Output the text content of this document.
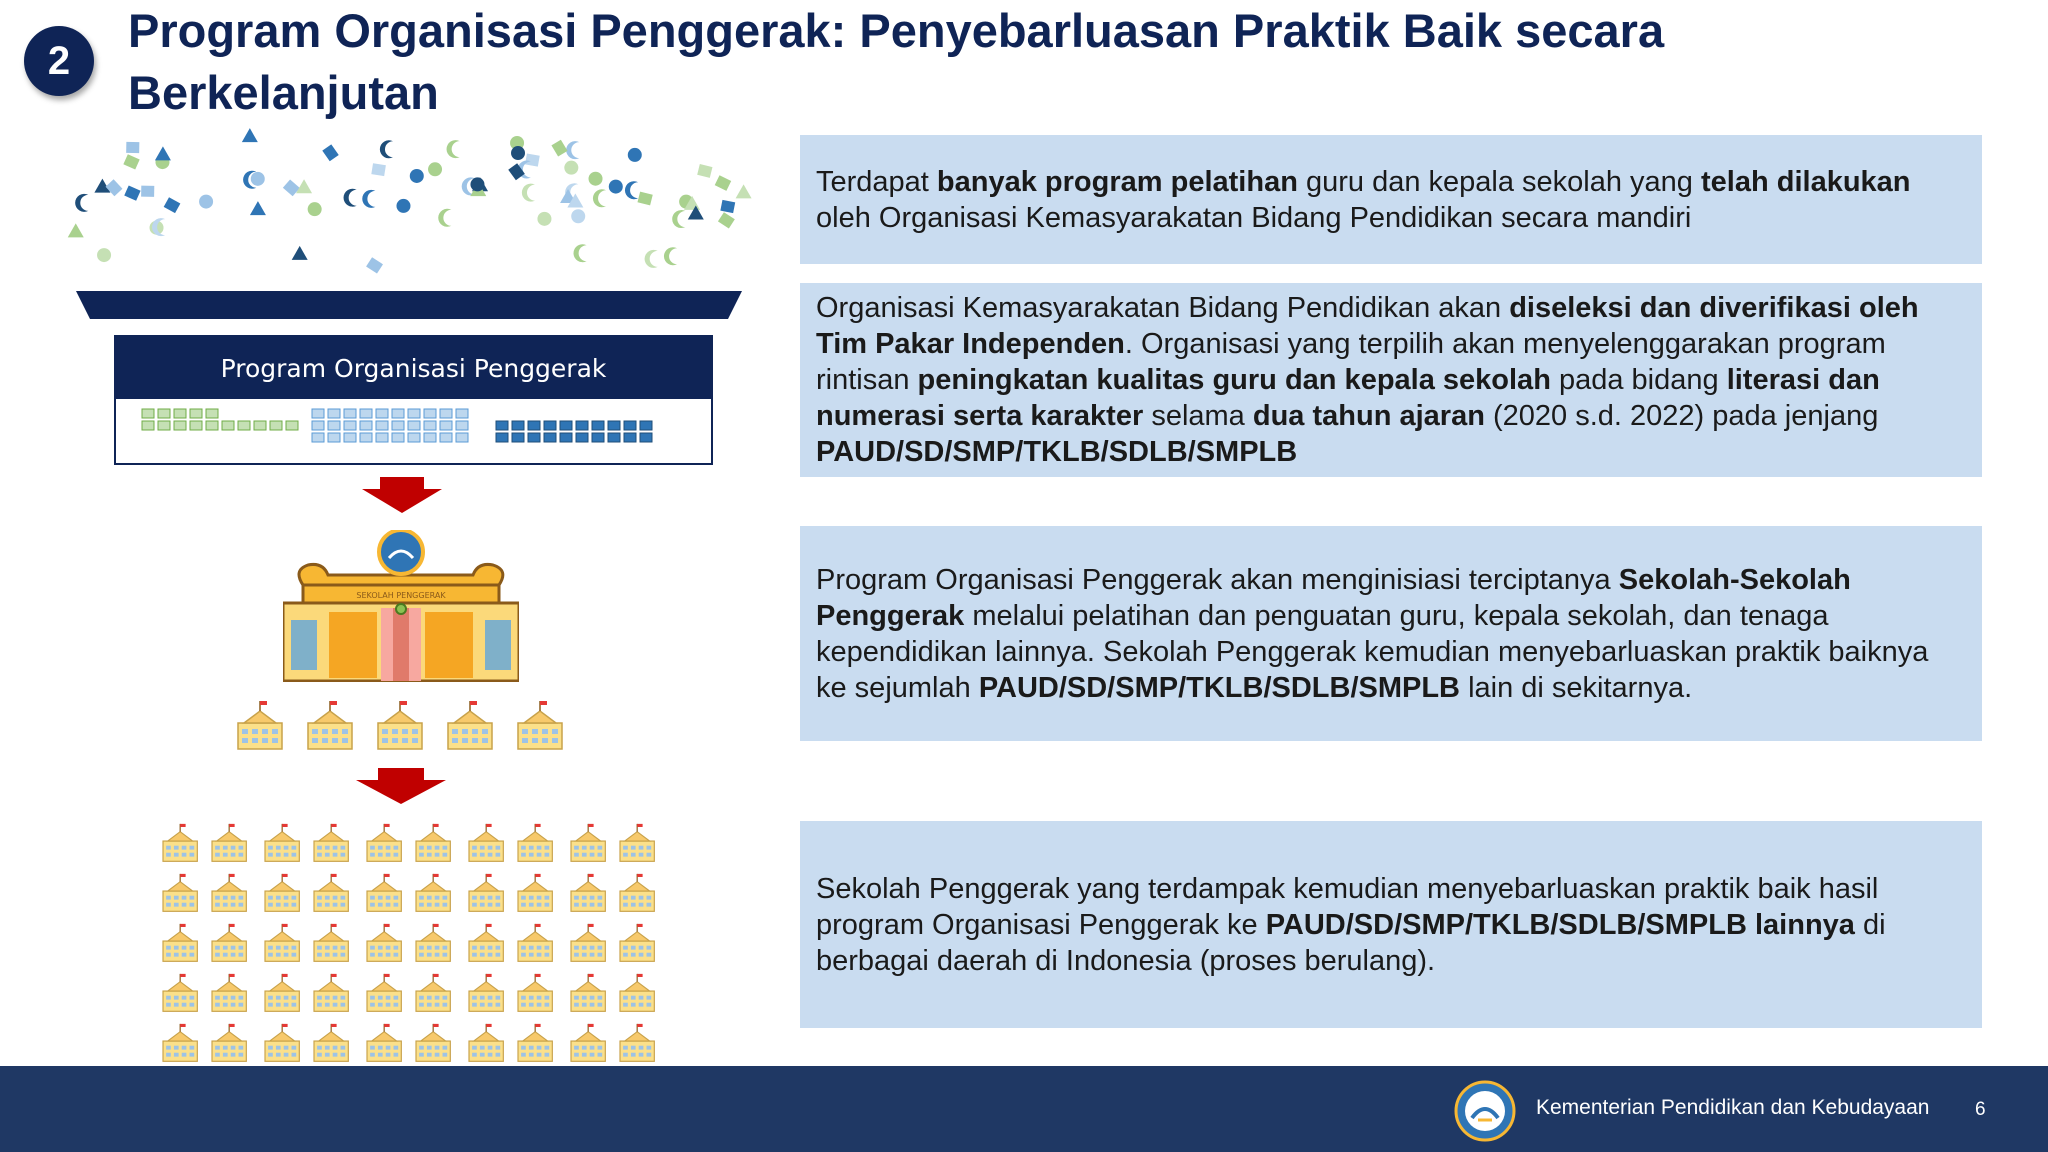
2
Program Organisasi Penggerak: Penyebarluasan Praktik Baik secara Berkelanjutan
Program Organisasi Penggerak
SEKOLAH PENGGERAK
Terdapat banyak program pelatihan guru dan kepala sekolah yang telah dilakukan oleh Organisasi Kemasyarakatan Bidang Pendidikan secara mandiri
Organisasi Kemasyarakatan Bidang Pendidikan akan diseleksi dan diverifikasi oleh Tim Pakar Independen. Organisasi yang terpilih akan menyelenggarakan program rintisan peningkatan kualitas guru dan kepala sekolah pada bidang literasi dan numerasi serta karakter selama dua tahun ajaran (2020 s.d. 2022) pada jenjang PAUD/SD/SMP/TKLB/SDLB/SMPLB
Program Organisasi Penggerak akan menginisiasi terciptanya Sekolah-Sekolah Penggerak melalui pelatihan dan penguatan guru, kepala sekolah, dan tenaga kependidikan lainnya. Sekolah Penggerak kemudian menyebarluaskan praktik baiknya ke sejumlah PAUD/SD/SMP/TKLB/SDLB/SMPLB lain di sekitarnya.
Sekolah Penggerak yang terdampak kemudian menyebarluaskan praktik baik hasil program Organisasi Penggerak ke PAUD/SD/SMP/TKLB/SDLB/SMPLB lainnya di berbagai daerah di Indonesia (proses berulang).
Kementerian Pendidikan dan Kebudayaan 6
